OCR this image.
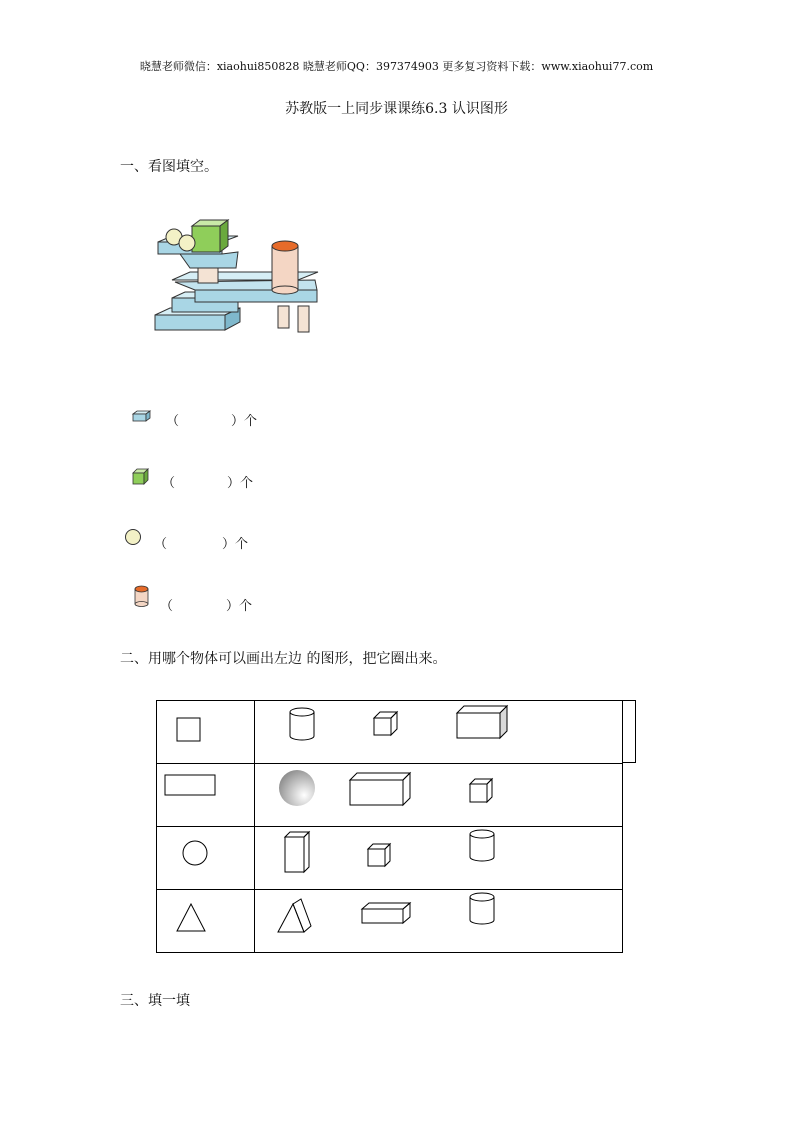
晓慧老师微信：xiaohui850828 晓慧老师QQ：397374903 更多复习资料下载：www.xiaohui77.com
苏教版一上同步课课练6.3 认识图形
一、看图填空。
（	）个
（	）个
（	）个
（	）个
二、用哪个物体可以画出左边 的图形，把它圈出来。

三、填一填
